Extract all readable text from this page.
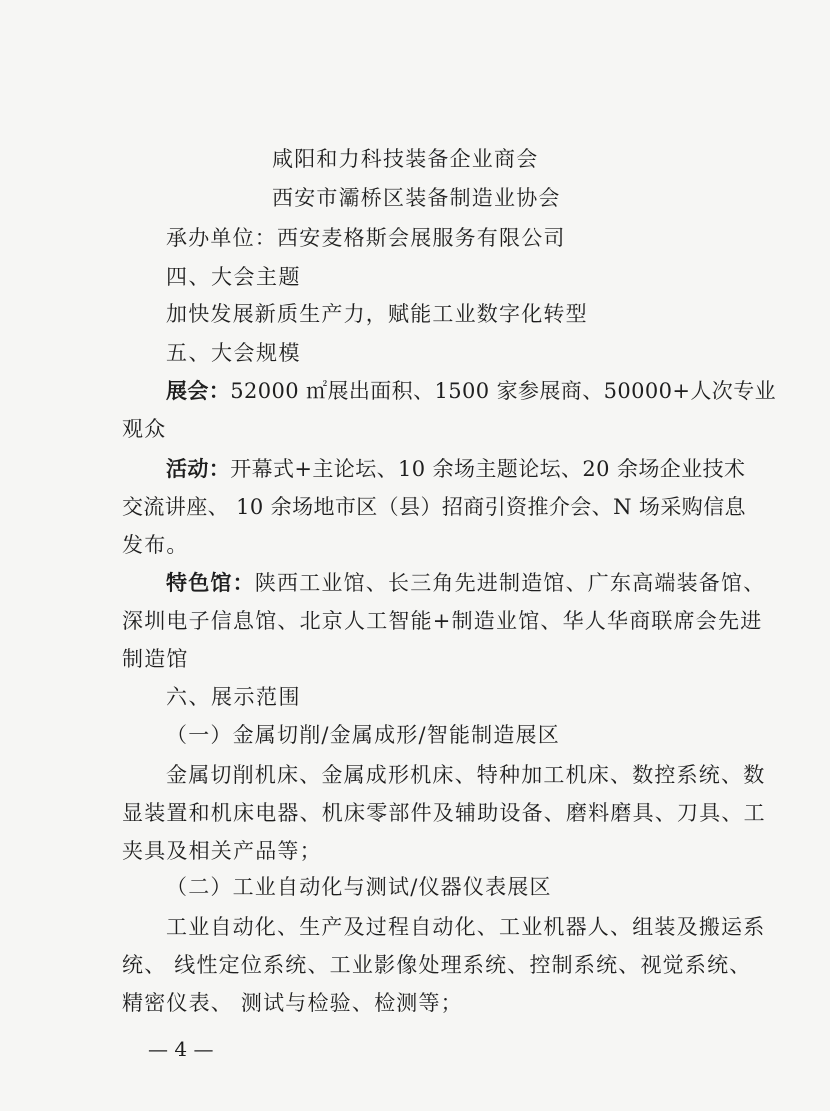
咸阳和力科技装备企业商会
西安市灞桥区装备制造业协会
承办单位：西安麦格斯会展服务有限公司
四、大会主题
加快发展新质生产力，赋能工业数字化转型
五、大会规模
展会：52000 ㎡展出面积、1500 家参展商、50000+人次专业
观众
活动：开幕式+主论坛、10 余场主题论坛、20 余场企业技术
交流讲座、 10 余场地市区（县）招商引资推介会、N 场采购信息
发布。
特色馆：陕西工业馆、长三角先进制造馆、广东高端装备馆、
深圳电子信息馆、北京人工智能+制造业馆、华人华商联席会先进
制造馆
六、展示范围
（一）金属切削/金属成形/智能制造展区
金属切削机床、金属成形机床、特种加工机床、数控系统、数
显装置和机床电器、机床零部件及辅助设备、磨料磨具、刀具、工
夹具及相关产品等；
（二）工业自动化与测试/仪器仪表展区
工业自动化、生产及过程自动化、工业机器人、组装及搬运系
统、 线性定位系统、工业影像处理系统、控制系统、视觉系统、
精密仪表、 测试与检验、检测等；
— 4 —
